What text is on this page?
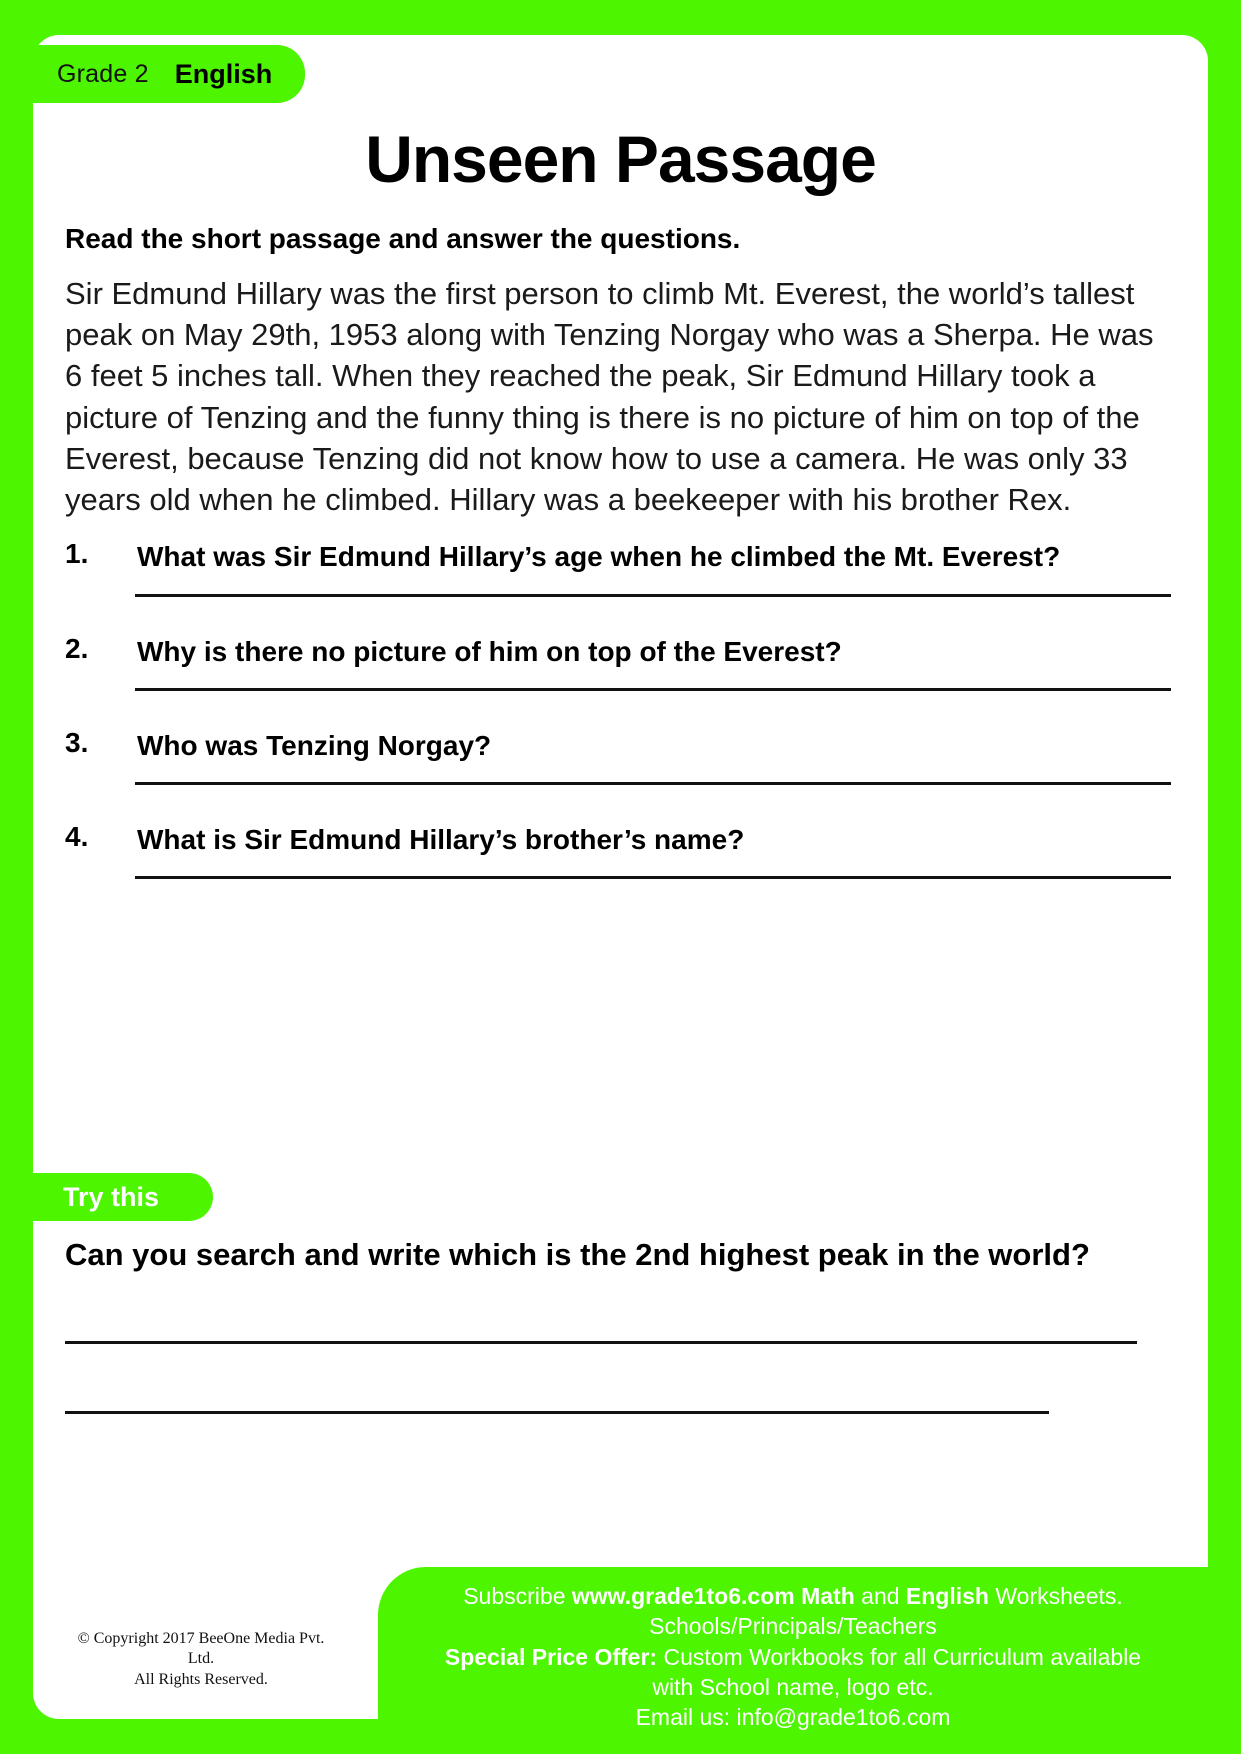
Grade 2 English
Unseen Passage

Read the short passage and answer the questions.

Sir Edmund Hillary was the first person to climb Mt. Everest, the world’s tallest peak on May 29th, 1953 along with Tenzing Norgay who was a Sherpa. He was 6 feet 5 inches tall. When they reached the peak, Sir Edmund Hillary took a picture of Tenzing and the funny thing is there is no picture of him on top of the Everest, because Tenzing did not know how to use a camera. He was only 33 years old when he climbed. Hillary was a beekeeper with his brother Rex.

1.	What was Sir Edmund Hillary’s age when he climbed the Mt. Everest?
2.	Why is there no picture of him on top of the Everest?
3.	Who was Tenzing Norgay?
4.	What is Sir Edmund Hillary’s brother’s name?
Try this
Can you search and write which is the 2nd highest peak in the world?
Subscribe www.grade1to6.com Math and English Worksheets.
Schools/Principals/Teachers
Special Price Offer: Custom Workbooks for all Curriculum available
with School name, logo etc.
Email us: info@grade1to6.com
© Copyright 2017 BeeOne Media Pvt. Ltd.
All Rights Reserved.
